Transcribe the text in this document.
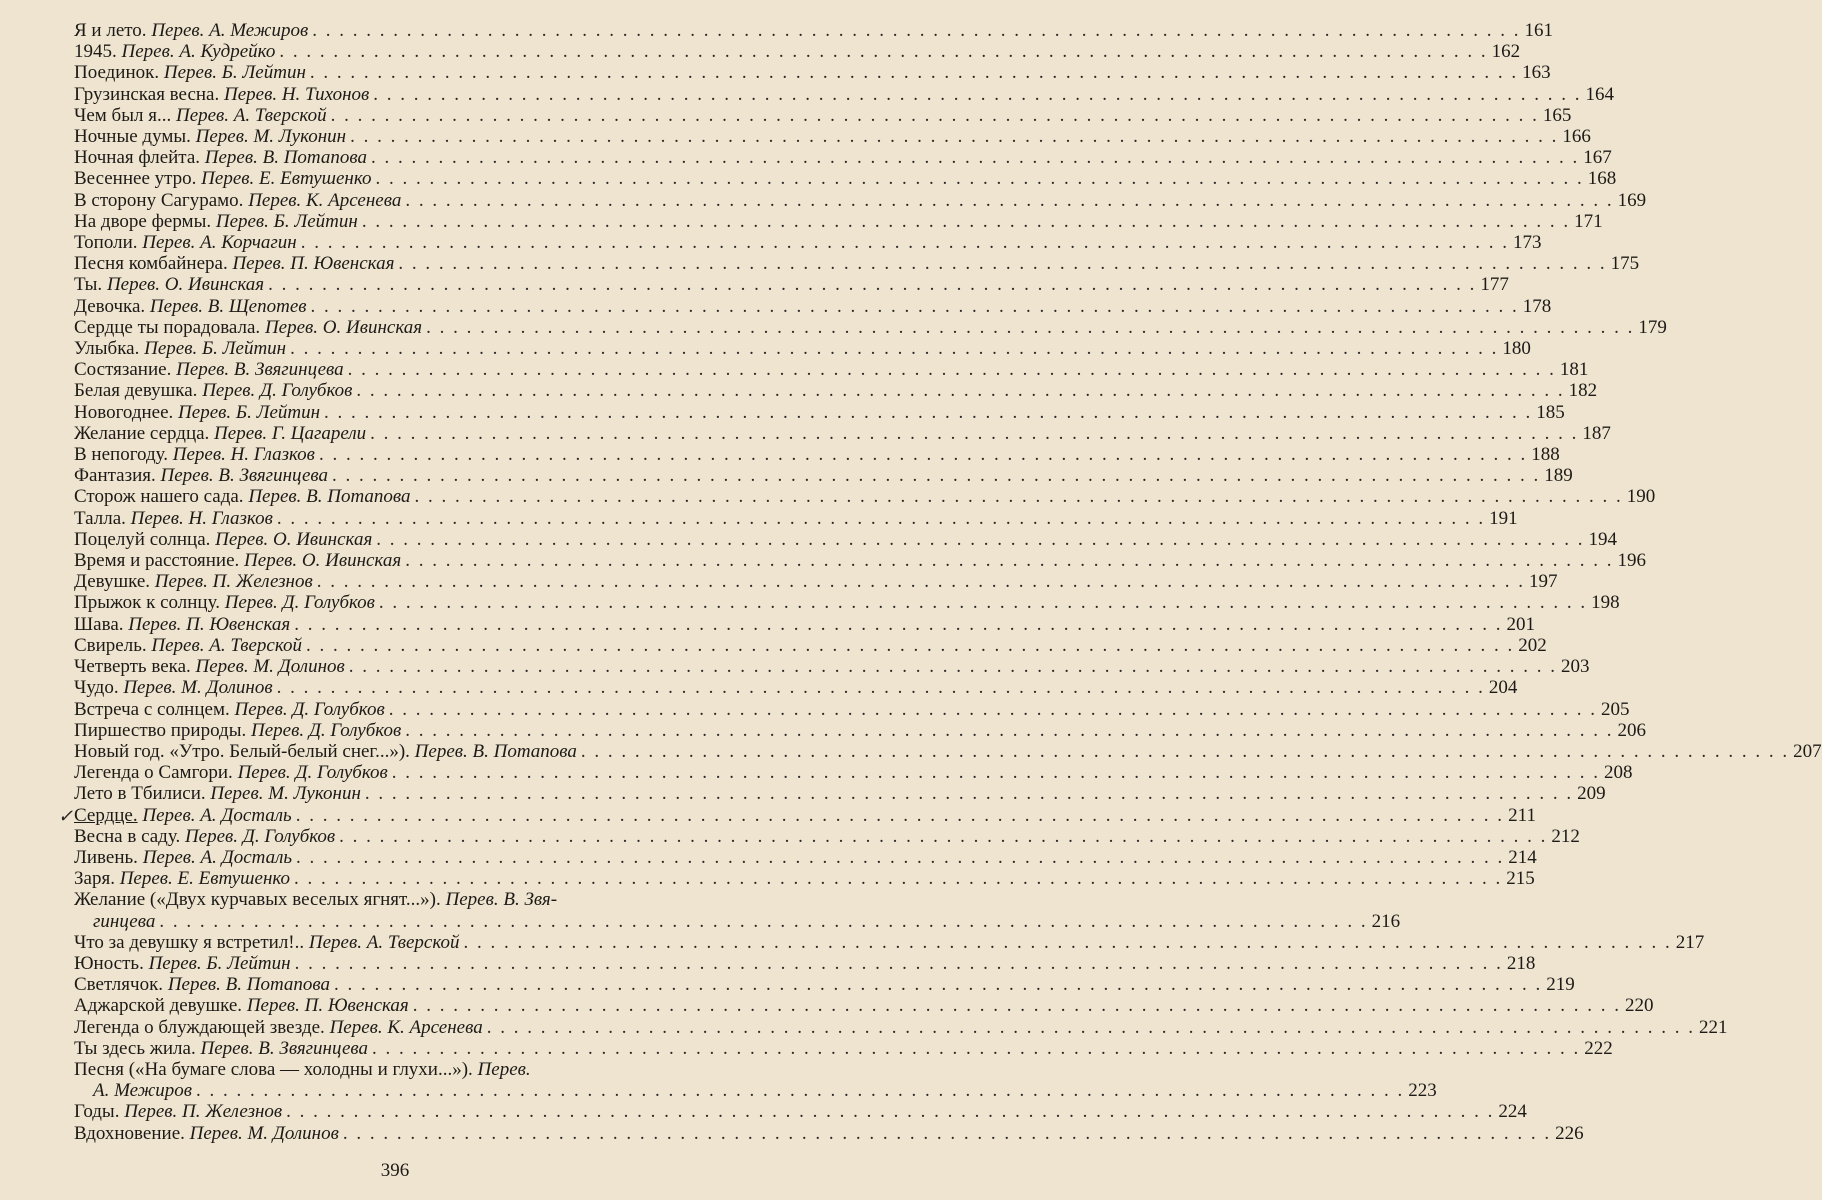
Я и лето. Перев. А. Межиров . . . . . . . . . . . . . . . . . . . . . . . . . . . . . . . . . . . . . . . . . . . . . . . . . . . . . . . . . . . . . . . . . . . . . . . . . . . . . . . . . . . . . . . . . . 161
1945. Перев. А. Кудрейко . . . . . . . . . . . . . . . . . . . . . . . . . . . . . . . . . . . . . . . . . . . . . . . . . . . . . . . . . . . . . . . . . . . . . . . . . . . . . . . . . . . . . . . . . . 162
Поединок. Перев. Б. Лейтин . . . . . . . . . . . . . . . . . . . . . . . . . . . . . . . . . . . . . . . . . . . . . . . . . . . . . . . . . . . . . . . . . . . . . . . . . . . . . . . . . . . . . . . . . . 163
Грузинская весна. Перев. Н. Тихонов . . . . . . . . . . . . . . . . . . . . . . . . . . . . . . . . . . . . . . . . . . . . . . . . . . . . . . . . . . . . . . . . . . . . . . . . . . . . . . . . . . . . . . . . . . 164
Чем был я... Перев. А. Тверской . . . . . . . . . . . . . . . . . . . . . . . . . . . . . . . . . . . . . . . . . . . . . . . . . . . . . . . . . . . . . . . . . . . . . . . . . . . . . . . . . . . . . . . . . . 165
Ночные думы. Перев. М. Луконин . . . . . . . . . . . . . . . . . . . . . . . . . . . . . . . . . . . . . . . . . . . . . . . . . . . . . . . . . . . . . . . . . . . . . . . . . . . . . . . . . . . . . . . . . . 166
Ночная флейта. Перев. В. Потапова . . . . . . . . . . . . . . . . . . . . . . . . . . . . . . . . . . . . . . . . . . . . . . . . . . . . . . . . . . . . . . . . . . . . . . . . . . . . . . . . . . . . . . . . . . 167
Весеннее утро. Перев. Е. Евтушенко . . . . . . . . . . . . . . . . . . . . . . . . . . . . . . . . . . . . . . . . . . . . . . . . . . . . . . . . . . . . . . . . . . . . . . . . . . . . . . . . . . . . . . . . . . 168
В сторону Сагурамо. Перев. К. Арсенева . . . . . . . . . . . . . . . . . . . . . . . . . . . . . . . . . . . . . . . . . . . . . . . . . . . . . . . . . . . . . . . . . . . . . . . . . . . . . . . . . . . . . . . . . . 169
На дворе фермы. Перев. Б. Лейтин . . . . . . . . . . . . . . . . . . . . . . . . . . . . . . . . . . . . . . . . . . . . . . . . . . . . . . . . . . . . . . . . . . . . . . . . . . . . . . . . . . . . . . . . . . 171
Тополи. Перев. А. Корчагин . . . . . . . . . . . . . . . . . . . . . . . . . . . . . . . . . . . . . . . . . . . . . . . . . . . . . . . . . . . . . . . . . . . . . . . . . . . . . . . . . . . . . . . . . . 173
Песня комбайнера. Перев. П. Ювенская . . . . . . . . . . . . . . . . . . . . . . . . . . . . . . . . . . . . . . . . . . . . . . . . . . . . . . . . . . . . . . . . . . . . . . . . . . . . . . . . . . . . . . . . . . 175
Ты. Перев. О. Ивинская . . . . . . . . . . . . . . . . . . . . . . . . . . . . . . . . . . . . . . . . . . . . . . . . . . . . . . . . . . . . . . . . . . . . . . . . . . . . . . . . . . . . . . . . . . 177
Девочка. Перев. В. Щепотев . . . . . . . . . . . . . . . . . . . . . . . . . . . . . . . . . . . . . . . . . . . . . . . . . . . . . . . . . . . . . . . . . . . . . . . . . . . . . . . . . . . . . . . . . . 178
Сердце ты порадовала. Перев. О. Ивинская . . . . . . . . . . . . . . . . . . . . . . . . . . . . . . . . . . . . . . . . . . . . . . . . . . . . . . . . . . . . . . . . . . . . . . . . . . . . . . . . . . . . . . . . . . 179
Улыбка. Перев. Б. Лейтин . . . . . . . . . . . . . . . . . . . . . . . . . . . . . . . . . . . . . . . . . . . . . . . . . . . . . . . . . . . . . . . . . . . . . . . . . . . . . . . . . . . . . . . . . . 180
Состязание. Перев. В. Звягинцева . . . . . . . . . . . . . . . . . . . . . . . . . . . . . . . . . . . . . . . . . . . . . . . . . . . . . . . . . . . . . . . . . . . . . . . . . . . . . . . . . . . . . . . . . . 181
Белая девушка. Перев. Д. Голубков . . . . . . . . . . . . . . . . . . . . . . . . . . . . . . . . . . . . . . . . . . . . . . . . . . . . . . . . . . . . . . . . . . . . . . . . . . . . . . . . . . . . . . . . . . 182
Новогоднее. Перев. Б. Лейтин . . . . . . . . . . . . . . . . . . . . . . . . . . . . . . . . . . . . . . . . . . . . . . . . . . . . . . . . . . . . . . . . . . . . . . . . . . . . . . . . . . . . . . . . . . 185
Желание сердца. Перев. Г. Цагарели . . . . . . . . . . . . . . . . . . . . . . . . . . . . . . . . . . . . . . . . . . . . . . . . . . . . . . . . . . . . . . . . . . . . . . . . . . . . . . . . . . . . . . . . . . 187
В непогоду. Перев. Н. Глазков . . . . . . . . . . . . . . . . . . . . . . . . . . . . . . . . . . . . . . . . . . . . . . . . . . . . . . . . . . . . . . . . . . . . . . . . . . . . . . . . . . . . . . . . . . 188
Фантазия. Перев. В. Звягинцева . . . . . . . . . . . . . . . . . . . . . . . . . . . . . . . . . . . . . . . . . . . . . . . . . . . . . . . . . . . . . . . . . . . . . . . . . . . . . . . . . . . . . . . . . . 189
Сторож нашего сада. Перев. В. Потапова . . . . . . . . . . . . . . . . . . . . . . . . . . . . . . . . . . . . . . . . . . . . . . . . . . . . . . . . . . . . . . . . . . . . . . . . . . . . . . . . . . . . . . . . . . 190
Талла. Перев. Н. Глазков . . . . . . . . . . . . . . . . . . . . . . . . . . . . . . . . . . . . . . . . . . . . . . . . . . . . . . . . . . . . . . . . . . . . . . . . . . . . . . . . . . . . . . . . . . 191
Поцелуй солнца. Перев. О. Ивинская . . . . . . . . . . . . . . . . . . . . . . . . . . . . . . . . . . . . . . . . . . . . . . . . . . . . . . . . . . . . . . . . . . . . . . . . . . . . . . . . . . . . . . . . . . 194
Время и расстояние. Перев. О. Ивинская . . . . . . . . . . . . . . . . . . . . . . . . . . . . . . . . . . . . . . . . . . . . . . . . . . . . . . . . . . . . . . . . . . . . . . . . . . . . . . . . . . . . . . . . . . 196
Девушке. Перев. П. Железнов . . . . . . . . . . . . . . . . . . . . . . . . . . . . . . . . . . . . . . . . . . . . . . . . . . . . . . . . . . . . . . . . . . . . . . . . . . . . . . . . . . . . . . . . . . 197
Прыжок к солнцу. Перев. Д. Голубков . . . . . . . . . . . . . . . . . . . . . . . . . . . . . . . . . . . . . . . . . . . . . . . . . . . . . . . . . . . . . . . . . . . . . . . . . . . . . . . . . . . . . . . . . . 198
Шава. Перев. П. Ювенская . . . . . . . . . . . . . . . . . . . . . . . . . . . . . . . . . . . . . . . . . . . . . . . . . . . . . . . . . . . . . . . . . . . . . . . . . . . . . . . . . . . . . . . . . . 201
Свирель. Перев. А. Тверской . . . . . . . . . . . . . . . . . . . . . . . . . . . . . . . . . . . . . . . . . . . . . . . . . . . . . . . . . . . . . . . . . . . . . . . . . . . . . . . . . . . . . . . . . . 202
Четверть века. Перев. М. Долинов . . . . . . . . . . . . . . . . . . . . . . . . . . . . . . . . . . . . . . . . . . . . . . . . . . . . . . . . . . . . . . . . . . . . . . . . . . . . . . . . . . . . . . . . . . 203
Чудо. Перев. М. Долинов . . . . . . . . . . . . . . . . . . . . . . . . . . . . . . . . . . . . . . . . . . . . . . . . . . . . . . . . . . . . . . . . . . . . . . . . . . . . . . . . . . . . . . . . . . 204
Встреча с солнцем. Перев. Д. Голубков . . . . . . . . . . . . . . . . . . . . . . . . . . . . . . . . . . . . . . . . . . . . . . . . . . . . . . . . . . . . . . . . . . . . . . . . . . . . . . . . . . . . . . . . . . 205
Пиршество природы. Перев. Д. Голубков . . . . . . . . . . . . . . . . . . . . . . . . . . . . . . . . . . . . . . . . . . . . . . . . . . . . . . . . . . . . . . . . . . . . . . . . . . . . . . . . . . . . . . . . . . 206
Новый год. «Утро. Белый-белый снег...»). Перев. В. Потапова . . . . . . . . . . . . . . . . . . . . . . . . . . . . . . . . . . . . . . . . . . . . . . . . . . . . . . . . . . . . . . . . . . . . . . . . . . . . . . . . . . . . . . . . . . 207
Легенда о Самгори. Перев. Д. Голубков . . . . . . . . . . . . . . . . . . . . . . . . . . . . . . . . . . . . . . . . . . . . . . . . . . . . . . . . . . . . . . . . . . . . . . . . . . . . . . . . . . . . . . . . . . 208
Лето в Тбилиси. Перев. М. Луконин . . . . . . . . . . . . . . . . . . . . . . . . . . . . . . . . . . . . . . . . . . . . . . . . . . . . . . . . . . . . . . . . . . . . . . . . . . . . . . . . . . . . . . . . . . 209
✓ Сердце. Перев. А. Досталь . . . . . . . . . . . . . . . . . . . . . . . . . . . . . . . . . . . . . . . . . . . . . . . . . . . . . . . . . . . . . . . . . . . . . . . . . . . . . . . . . . . . . . . . . . 211
Весна в саду. Перев. Д. Голубков . . . . . . . . . . . . . . . . . . . . . . . . . . . . . . . . . . . . . . . . . . . . . . . . . . . . . . . . . . . . . . . . . . . . . . . . . . . . . . . . . . . . . . . . . . 212
Ливень. Перев. А. Досталь . . . . . . . . . . . . . . . . . . . . . . . . . . . . . . . . . . . . . . . . . . . . . . . . . . . . . . . . . . . . . . . . . . . . . . . . . . . . . . . . . . . . . . . . . . 214
Заря. Перев. Е. Евтушенко . . . . . . . . . . . . . . . . . . . . . . . . . . . . . . . . . . . . . . . . . . . . . . . . . . . . . . . . . . . . . . . . . . . . . . . . . . . . . . . . . . . . . . . . . . 215
Желание («Двух курчавых веселых ягнят...»). Перев. В. Звя-
гинцева . . . . . . . . . . . . . . . . . . . . . . . . . . . . . . . . . . . . . . . . . . . . . . . . . . . . . . . . . . . . . . . . . . . . . . . . . . . . . . . . . . . . . . . . . . 216
Что за девушку я встретил!.. Перев. А. Тверской . . . . . . . . . . . . . . . . . . . . . . . . . . . . . . . . . . . . . . . . . . . . . . . . . . . . . . . . . . . . . . . . . . . . . . . . . . . . . . . . . . . . . . . . . . 217
Юность. Перев. Б. Лейтин . . . . . . . . . . . . . . . . . . . . . . . . . . . . . . . . . . . . . . . . . . . . . . . . . . . . . . . . . . . . . . . . . . . . . . . . . . . . . . . . . . . . . . . . . . 218
Светлячок. Перев. В. Потапова . . . . . . . . . . . . . . . . . . . . . . . . . . . . . . . . . . . . . . . . . . . . . . . . . . . . . . . . . . . . . . . . . . . . . . . . . . . . . . . . . . . . . . . . . . 219
Аджарской девушке. Перев. П. Ювенская . . . . . . . . . . . . . . . . . . . . . . . . . . . . . . . . . . . . . . . . . . . . . . . . . . . . . . . . . . . . . . . . . . . . . . . . . . . . . . . . . . . . . . . . . . 220
Легенда о блуждающей звезде. Перев. К. Арсенева . . . . . . . . . . . . . . . . . . . . . . . . . . . . . . . . . . . . . . . . . . . . . . . . . . . . . . . . . . . . . . . . . . . . . . . . . . . . . . . . . . . . . . . . . . 221
Ты здесь жила. Перев. В. Звягинцева . . . . . . . . . . . . . . . . . . . . . . . . . . . . . . . . . . . . . . . . . . . . . . . . . . . . . . . . . . . . . . . . . . . . . . . . . . . . . . . . . . . . . . . . . . 222
Песня («На бумаге слова — холодны и глухи...»). Перев.
А. Межиров . . . . . . . . . . . . . . . . . . . . . . . . . . . . . . . . . . . . . . . . . . . . . . . . . . . . . . . . . . . . . . . . . . . . . . . . . . . . . . . . . . . . . . . . . . 223
Годы. Перев. П. Железнов . . . . . . . . . . . . . . . . . . . . . . . . . . . . . . . . . . . . . . . . . . . . . . . . . . . . . . . . . . . . . . . . . . . . . . . . . . . . . . . . . . . . . . . . . . 224
Вдохновение. Перев. М. Долинов . . . . . . . . . . . . . . . . . . . . . . . . . . . . . . . . . . . . . . . . . . . . . . . . . . . . . . . . . . . . . . . . . . . . . . . . . . . . . . . . . . . . . . . . . . 226
396
